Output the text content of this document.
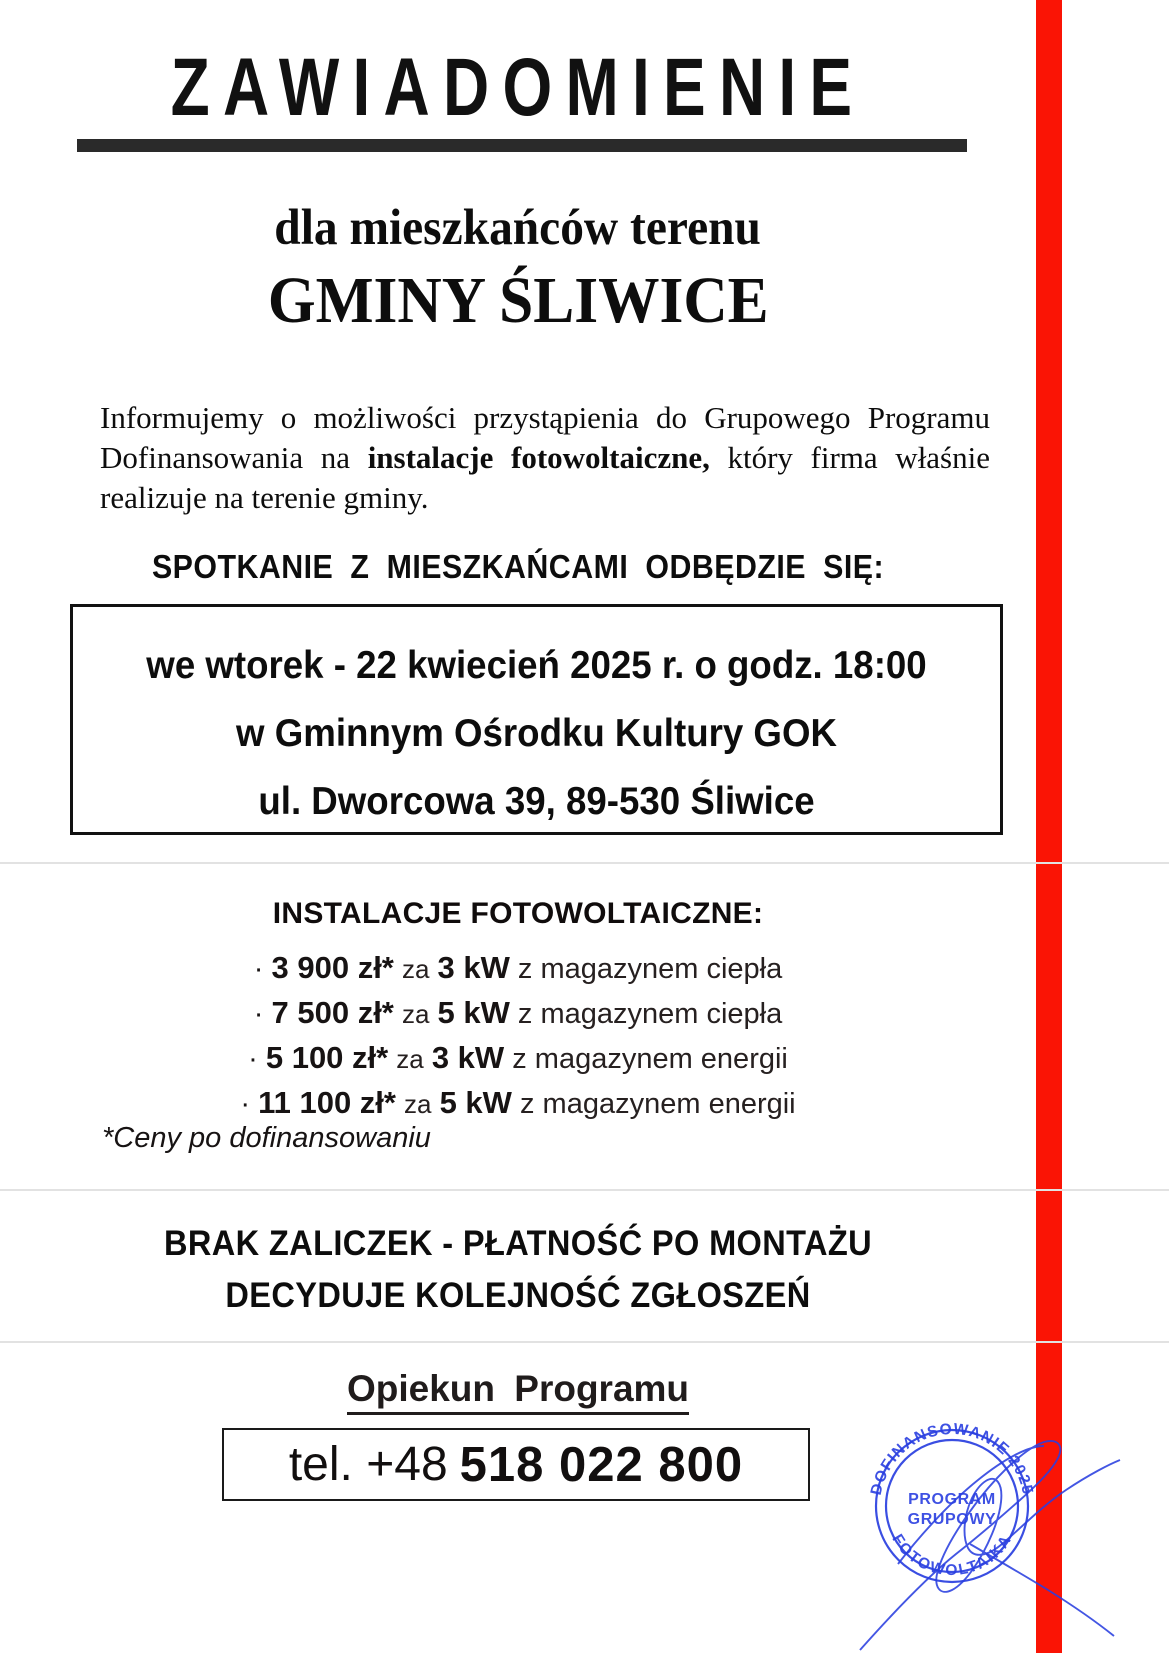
ZAWIADOMIENIE
dla mieszkańców terenu
GMINY ŚLIWICE
Informujemy o możliwości przystąpienia do Grupowego Programu Dofinansowania na instalacje fotowoltaiczne, który firma właśnie realizuje na terenie gminy.
SPOTKANIE Z MIESZKAŃCAMI ODBĘDZIE SIĘ:
we wtorek - 22 kwiecień 2025 r. o godz. 18:00
w Gminnym Ośrodku Kultury GOK
ul. Dworcowa 39, 89-530 Śliwice
INSTALACJE FOTOWOLTAICZNE:
· 3 900 zł* za 3 kW z magazynem ciepła
· 7 500 zł* za 5 kW z magazynem ciepła
· 5 100 zł* za 3 kW z magazynem energii
· 11 100 zł* za 5 kW z magazynem energii
*Ceny po dofinansowaniu
BRAK ZALICZEK - PŁATNOŚĆ PO MONTAŻU
DECYDUJE KOLEJNOŚĆ ZGŁOSZEŃ
Opiekun Programu
tel. +48 518 022 800	DOFINANSOWANIE 2025
FOTOWOLTAIKA
PROGRAM
GRUPOWY
